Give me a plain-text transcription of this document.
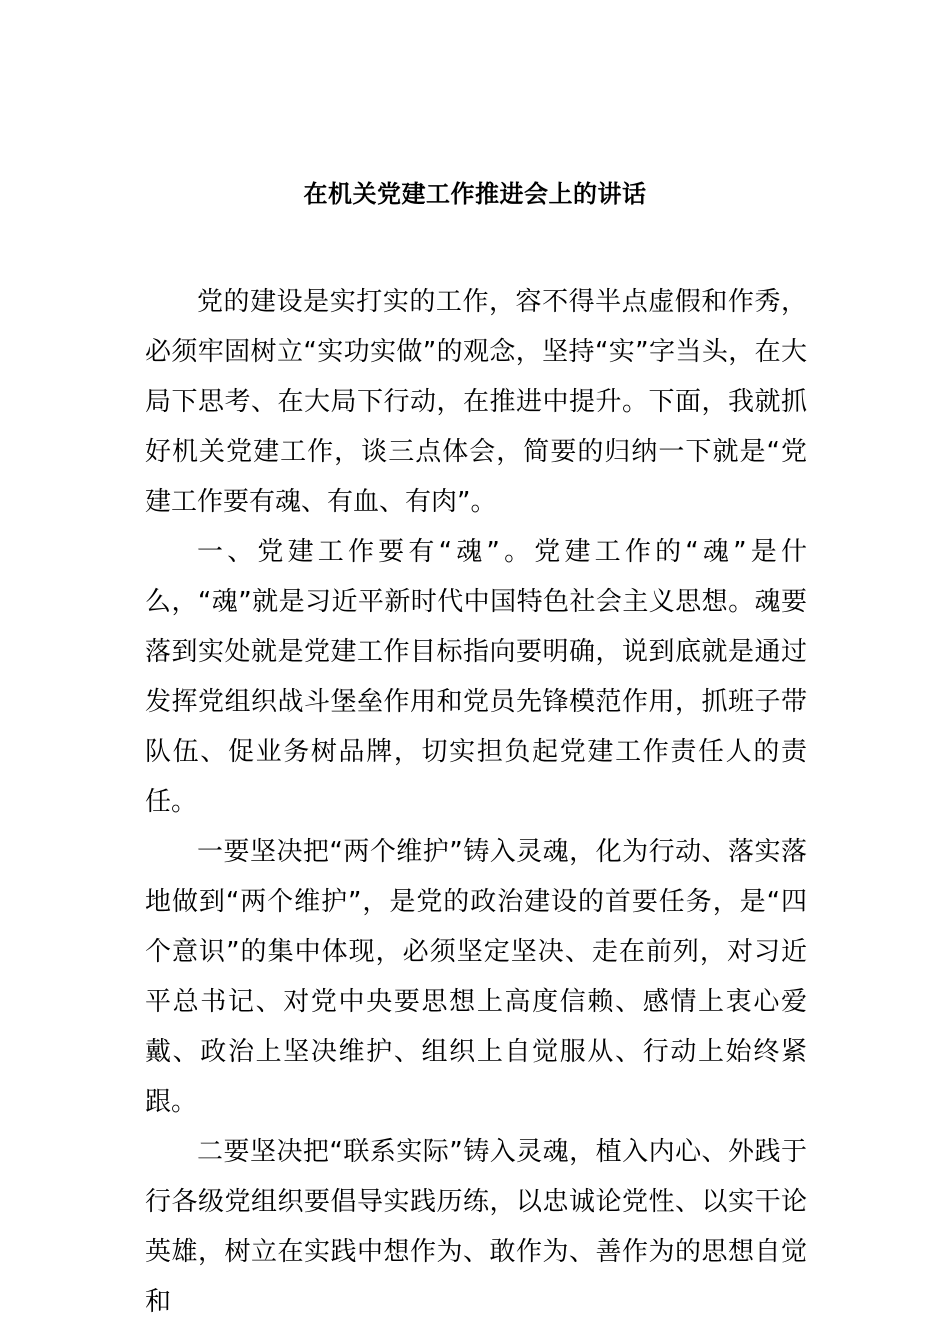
在机关党建工作推进会上的讲话

党的建设是实打实的工作，容不得半点虚假和作秀，必须牢固树立“实功实做”的观念，坚持“实”字当头，在大局下思考、在大局下行动，在推进中提升。下面，我就抓好机关党建工作，谈三点体会，简要的归纳一下就是“党建工作要有魂、有血、有肉”。

一、党建工作要有“魂”。党建工作的“魂”是什么，“魂”就是习近平新时代中国特色社会主义思想。魂要落到实处就是党建工作目标指向要明确，说到底就是通过发挥党组织战斗堡垒作用和党员先锋模范作用，抓班子带队伍、促业务树品牌，切实担负起党建工作责任人的责任。

一要坚决把“两个维护”铸入灵魂，化为行动、落实落地做到“两个维护”，是党的政治建设的首要任务，是“四个意识”的集中体现，必须坚定坚决、走在前列，对习近平总书记、对党中央要思想上高度信赖、感情上衷心爱戴、政治上坚决维护、组织上自觉服从、行动上始终紧跟。

二要坚决把“联系实际”铸入灵魂，植入内心、外践于行各级党组织要倡导实践历练，以忠诚论党性、以实干论英雄，树立在实践中想作为、敢作为、善作为的思想自觉和
